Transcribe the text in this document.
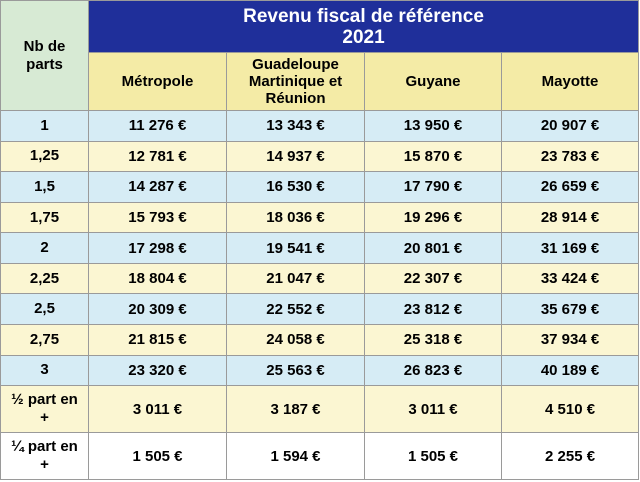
Nb de
parts	Revenu fiscal de référence
2021			

	Métropole	Guadeloupe
Martinique et
Réunion	Guyane	Mayotte

1	11 276 €	13 343 €	13 950 €	20 907 €

1,25	12 781 €	14 937 €	15 870 €	23 783 €

1,5	14 287 €	16 530 €	17 790 €	26 659 €

1,75	15 793 €	18 036 €	19 296 €	28 914 €

2	17 298 €	19 541 €	20 801 €	31 169 €

2,25	18 804 €	21 047 €	22 307 €	33 424 €

2,5	20 309 €	22 552 €	23 812 €	35 679 €

2,75	21 815 €	24 058 €	25 318 €	37 934 €

3	23 320 €	25 563 €	26 823 €	40 189 €

½ part en
+	3 011 €	3 187 €	3 011 €	4 510 €

¼ part en
+	1 505 €	1 594 €	1 505 €	2 255 €
